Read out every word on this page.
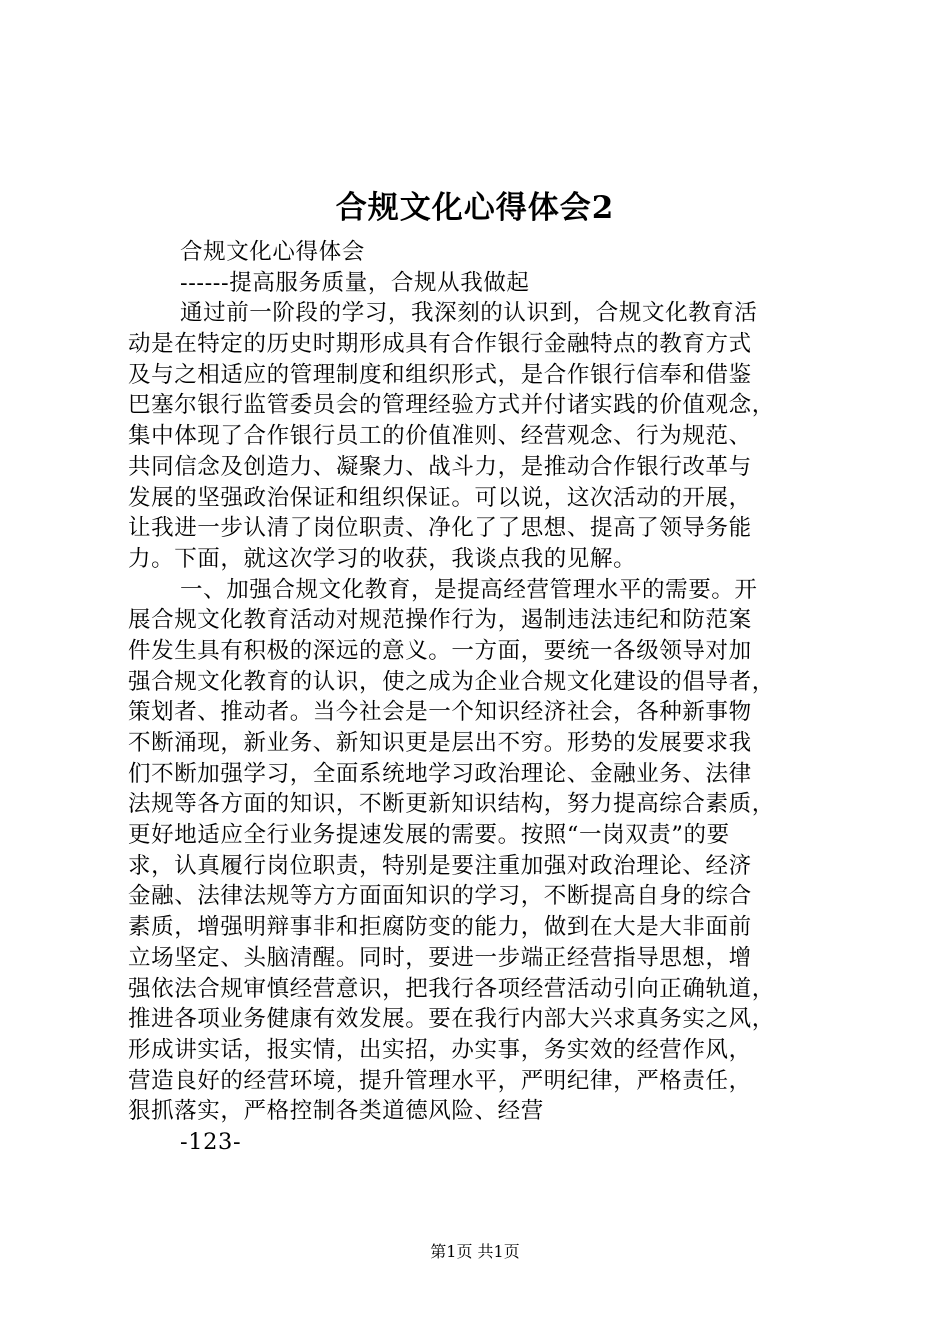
合规文化心得体会2
合规文化心得体会
------提高服务质量，合规从我做起
通过前一阶段的学习，我深刻的认识到，合规文化教育活
动是在特定的历史时期形成具有合作银行金融特点的教育方式
及与之相适应的管理制度和组织形式，是合作银行信奉和借鉴
巴塞尔银行监管委员会的管理经验方式并付诸实践的价值观念，
集中体现了合作银行员工的价值准则、经营观念、行为规范、
共同信念及创造力、凝聚力、战斗力，是推动合作银行改革与
发展的坚强政治保证和组织保证。可以说，这次活动的开展，
让我进一步认清了岗位职责、净化了了思想、提高了领导务能
力。下面，就这次学习的收获，我谈点我的见解。
一、加强合规文化教育，是提高经营管理水平的需要。开
展合规文化教育活动对规范操作行为，遏制违法违纪和防范案
件发生具有积极的深远的意义。一方面，要统一各级领导对加
强合规文化教育的认识，使之成为企业合规文化建设的倡导者，
策划者、推动者。当今社会是一个知识经济社会，各种新事物
不断涌现，新业务、新知识更是层出不穷。形势的发展要求我
们不断加强学习，全面系统地学习政治理论、金融业务、法律
法规等各方面的知识，不断更新知识结构，努力提高综合素质，
更好地适应全行业务提速发展的需要。按照“一岗双责”的要
求，认真履行岗位职责，特别是要注重加强对政治理论、经济
金融、法律法规等方方面面知识的学习，不断提高自身的综合
素质，增强明辩事非和拒腐防变的能力，做到在大是大非面前
立场坚定、头脑清醒。同时，要进一步端正经营指导思想，增
强依法合规审慎经营意识，把我行各项经营活动引向正确轨道，
推进各项业务健康有效发展。要在我行内部大兴求真务实之风，
形成讲实话，报实情，出实招，办实事，务实效的经营作风，
营造良好的经营环境，提升管理水平，严明纪律，严格责任，
狠抓落实，严格控制各类道德风险、经营
-123-
第1页 共1页
